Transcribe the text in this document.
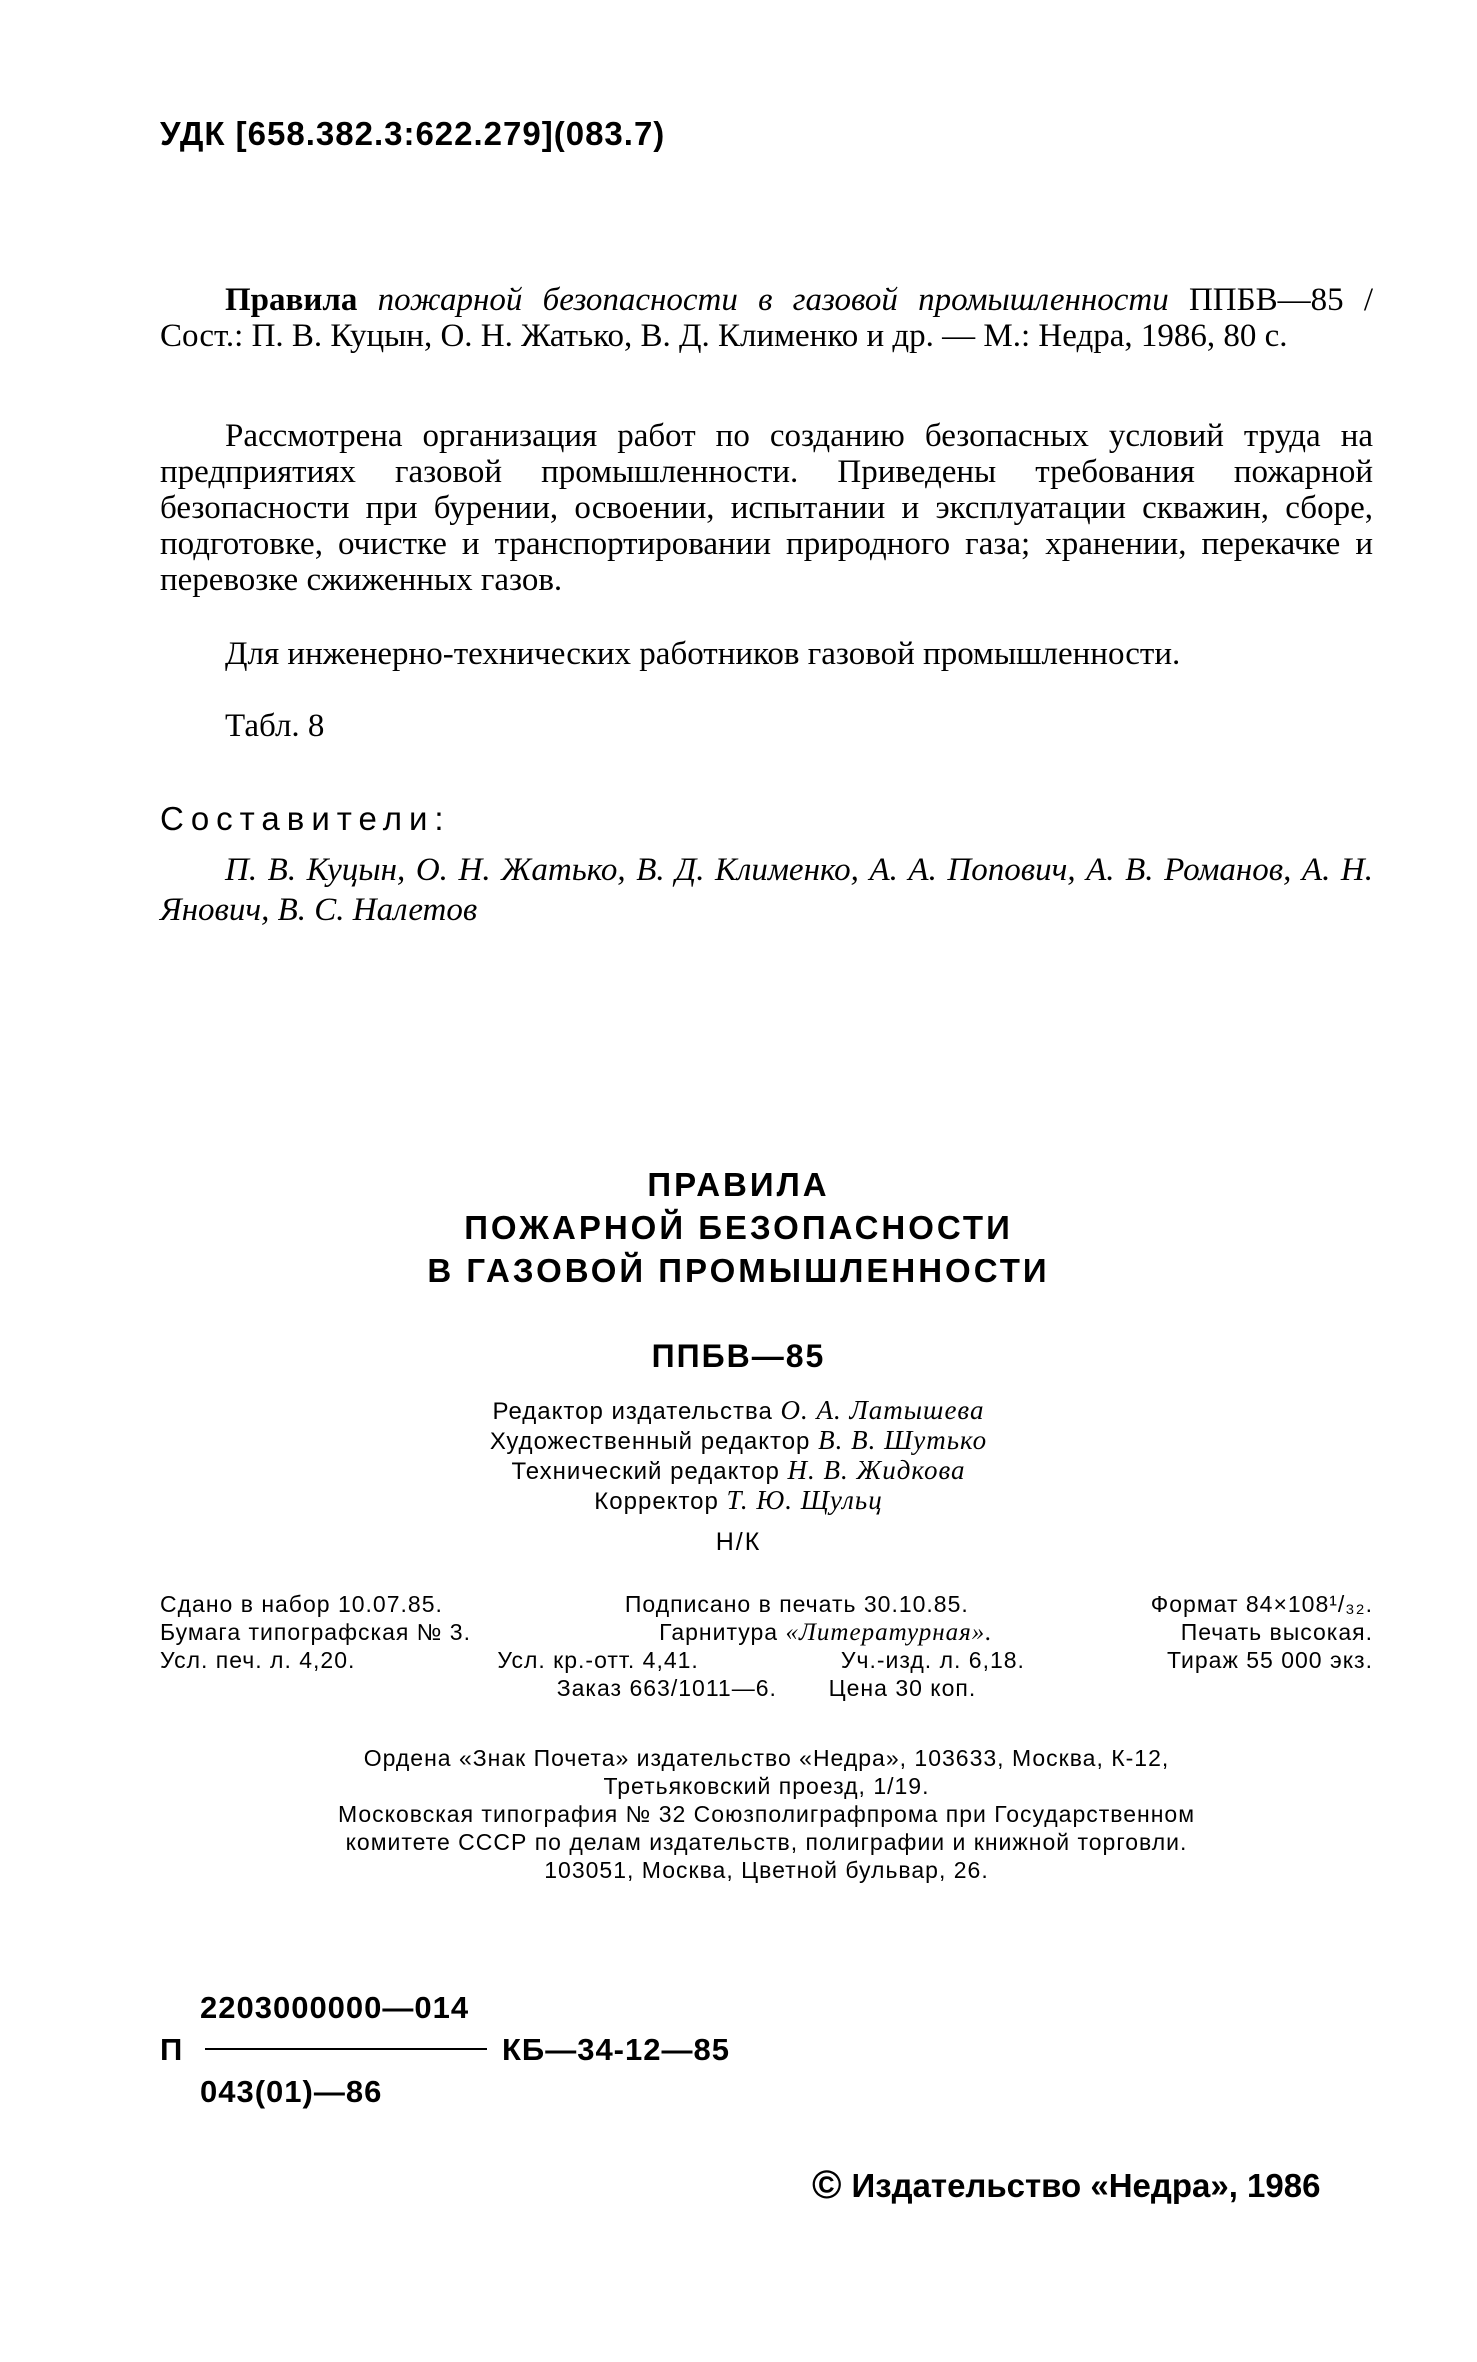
УДК [658.382.3:622.279](083.7)

Правила пожарной безопасности в газовой промышленности ППБВ—85 / Сост.: П. В. Куцын, О. Н. Жатько, В. Д. Клименко и др. — М.: Недра, 1986, 80 с.

Рассмотрена организация работ по созданию безопасных условий труда на предприятиях газовой промышленности. Приведены требования пожарной безопасности при бурении, освоении, испытании и эксплуатации скважин, сборе, подготовке, очистке и транспортировании природного газа; хранении, перекачке и перевозке сжиженных газов.

Для инженерно-технических работников газовой промышленности.

Табл. 8

Составители:
П. В. Куцын, О. Н. Жатько, В. Д. Клименко, А. А. Попович, А. В. Романов, А. Н. Янович, В. С. Налетов
ПРАВИЛА
ПОЖАРНОЙ БЕЗОПАСНОСТИ
В ГАЗОВОЙ ПРОМЫШЛЕННОСТИ
ППБВ—85
Редактор издательства О. А. Латышева
Художественный редактор В. В. Шутько
Технический редактор Н. В. Жидкова
Корректор Т. Ю. Щульц
Н/К
Сдано в набор 10.07.85.	Подписано в печать 30.10.85.	Формат 84×108¹/₃₂.
Бумага типографская № 3.	Гарнитура «Литературная».	Печать высокая.
Усл. печ. л. 4,20.	Усл. кр.-отт. 4,41.	Уч.-изд. л. 6,18.	Тираж 55 000 экз.
Заказ 663/1011—6. Цена 30 коп.
Ордена «Знак Почета» издательство «Недра», 103633, Москва, К-12,
Третьяковский проезд, 1/19.
Московская типография № 32 Союзполиграфпрома при Государственном
комитете СССР по делам издательств, полиграфии и книжной торговли.
103051, Москва, Цветной бульвар, 26.
2203000000—014
П	КБ—34-12—85
043(01)—86
© Издательство «Недра», 1986
